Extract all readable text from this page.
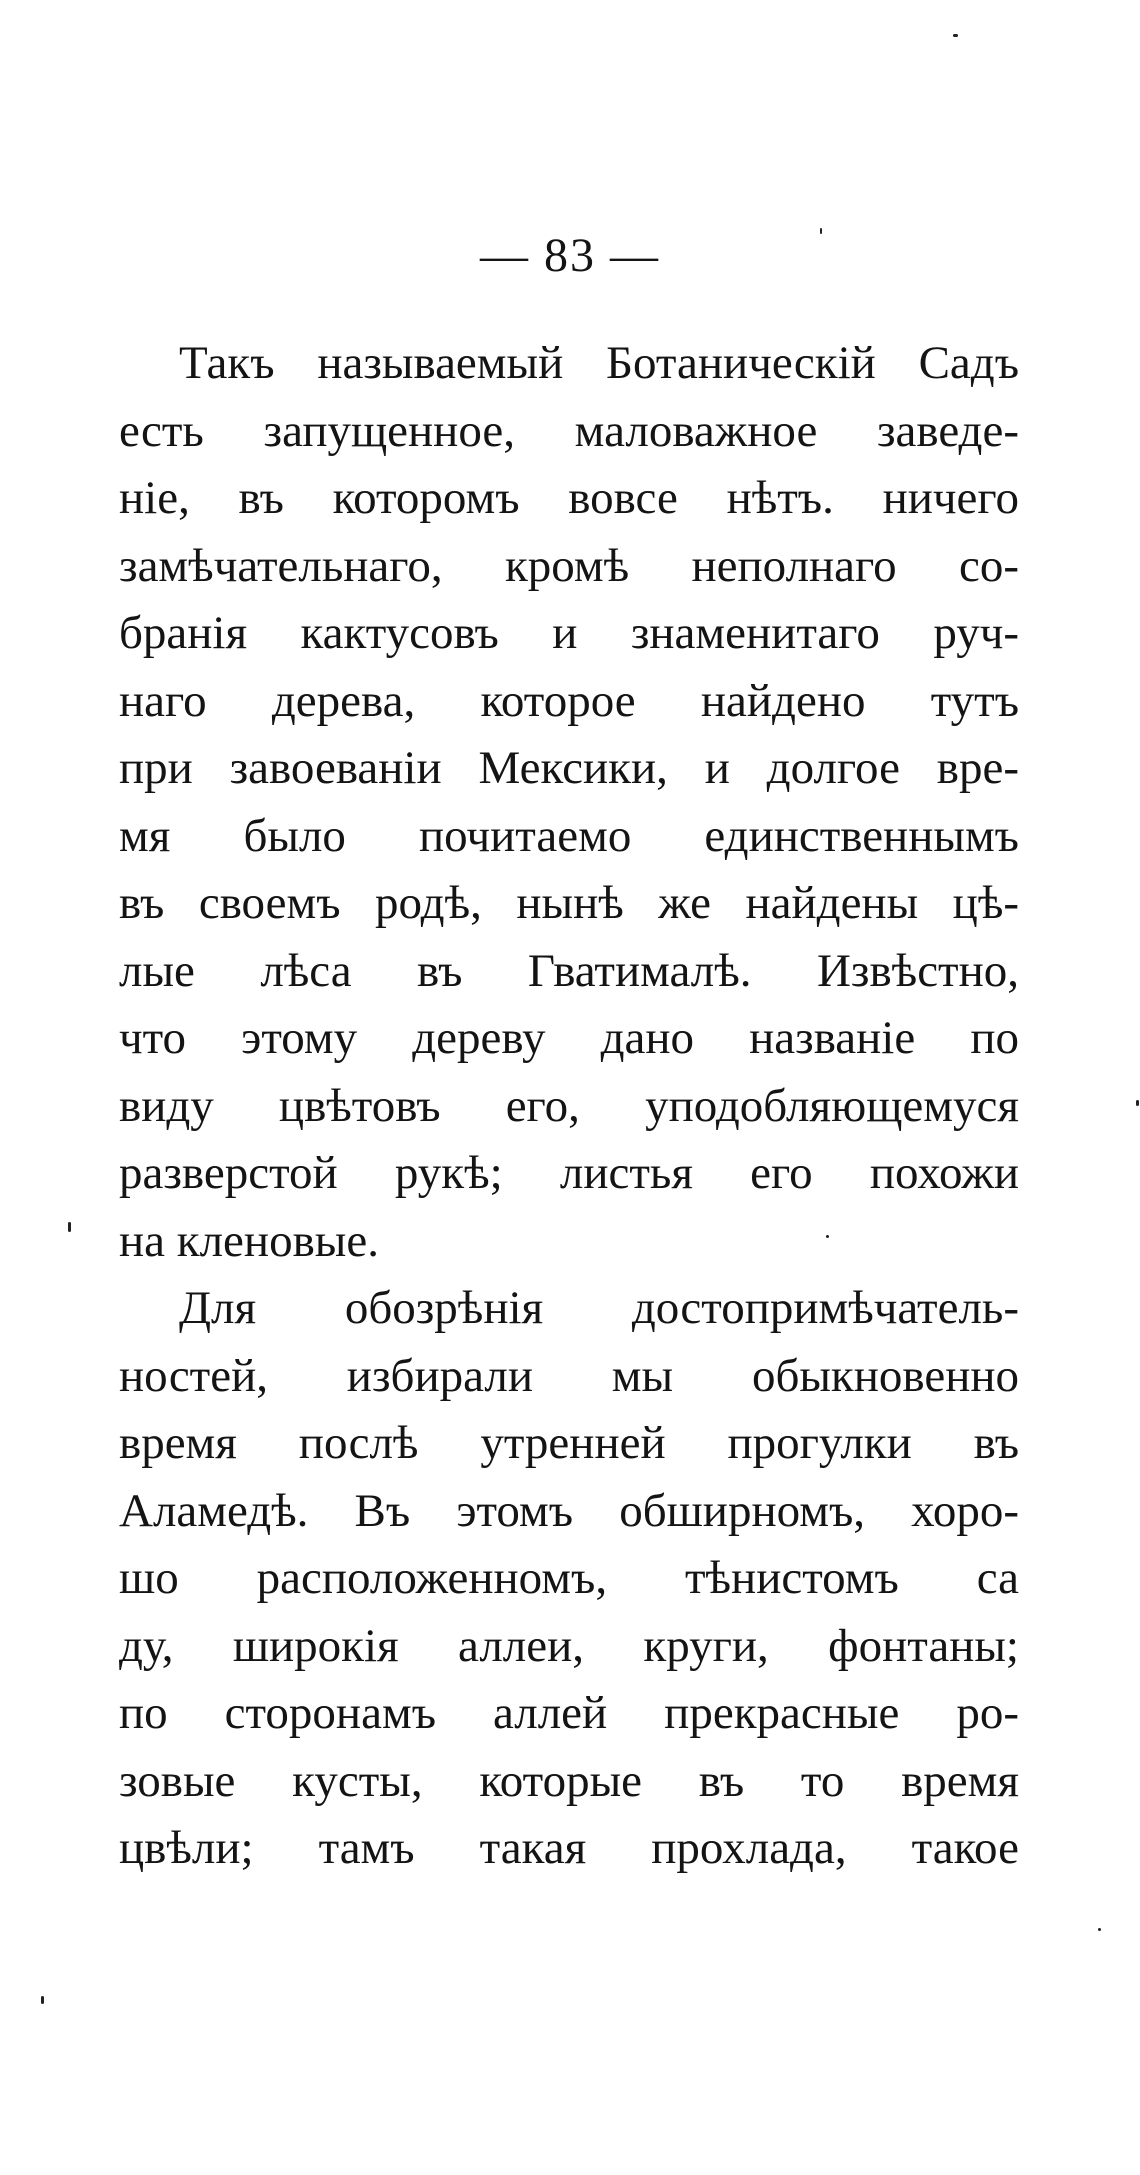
— 83 —
Такъ называемый Ботаническій Садъ
есть запущенное, маловажное заведе-
ніе, въ которомъ вовсе нѣтъ. ничего
замѣчательнаго, кромѣ неполнаго со-
бранія кактусовъ и знаменитаго руч-
наго дерева, которое найдено тутъ
при завоеваніи Мексики, и долгое вре-
мя было почитаемо единственнымъ
въ своемъ родѣ, нынѣ же найдены цѣ-
лые лѣса въ Гватималѣ. Извѣстно,
что этому дереву дано названіе по
виду цвѣтовъ его, уподобляющемуся
разверстой рукѣ; листья его похожи
на кленовые.
Для обозрѣнія достопримѣчатель-
ностей, избирали мы обыкновенно
время послѣ утренней прогулки въ
Аламедѣ. Въ этомъ обширномъ, хоро-
шо расположенномъ, тѣнистомъ са
ду, широкія аллеи, круги, фонтаны;
по сторонамъ аллей прекрасные ро-
зовые кусты, которые въ то время
цвѣли; тамъ такая прохлада, такое
